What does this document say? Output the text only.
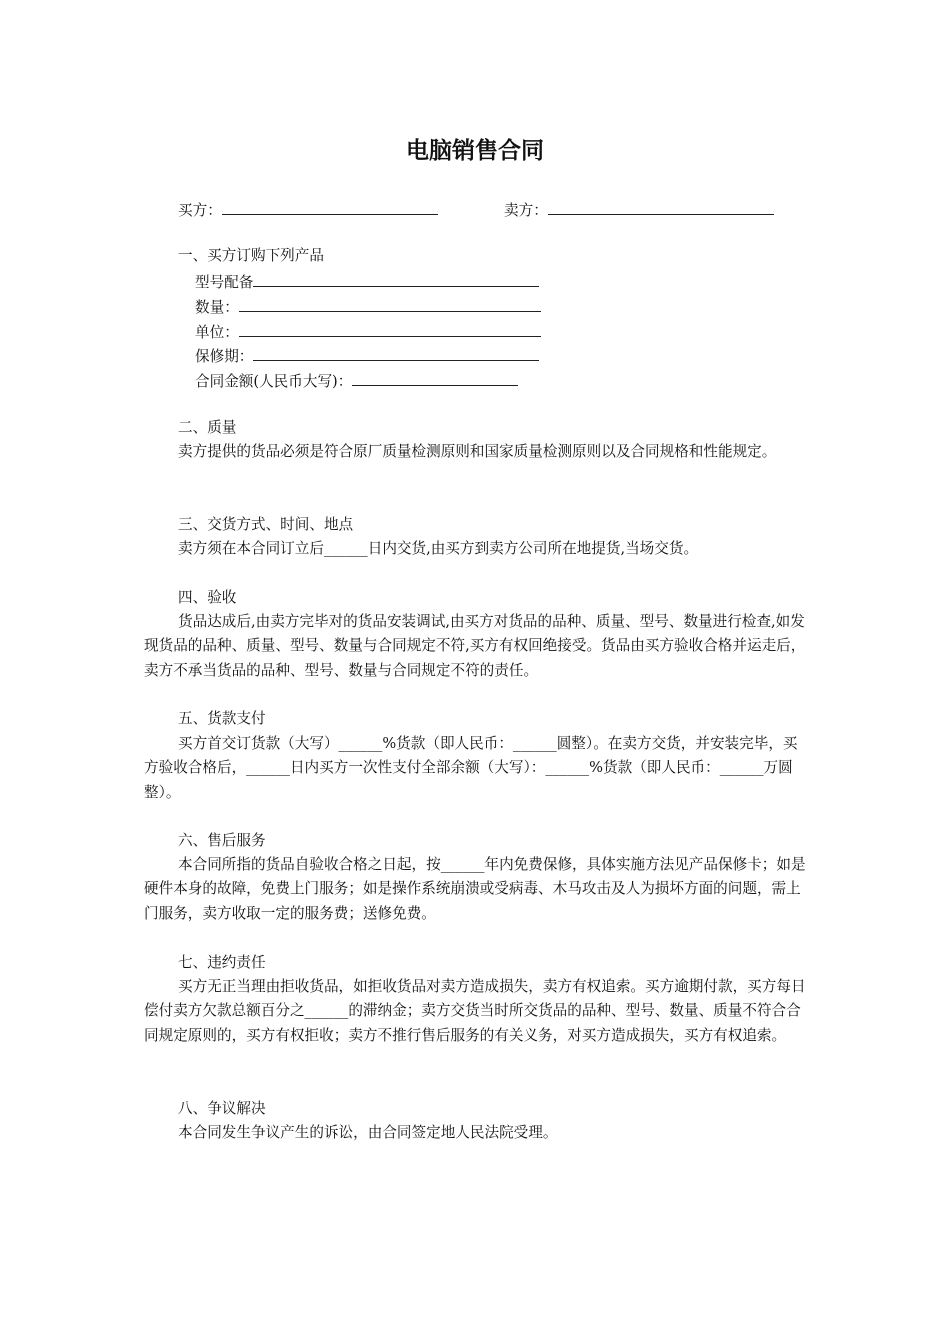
电脑销售合同
买方：	卖方：
一、买方订购下列产品
型号配备
数量：
单位：
保修期：
合同金额(人民币大写)：
二、质量
卖方提供的货品必须是符合原厂质量检测原则和国家质量检测原则以及合同规格和性能规定。
三、交货方式、时间、地点
卖方须在本合同订立后______日内交货,由买方到卖方公司所在地提货,当场交货。
四、验收
货品达成后,由卖方完毕对的货品安装调试,由买方对货品的品种、质量、型号、数量进行检查,如发现货品的品种、质量、型号、数量与合同规定不符,买方有权回绝接受。货品由买方验收合格并运走后，卖方不承当货品的品种、型号、数量与合同规定不符的责任。
五、货款支付
买方首交订货款（大写）______%货款（即人民币：______圆整）。在卖方交货，并安装完毕，买方验收合格后，______日内买方一次性支付全部余额（大写）：______%货款（即人民币：______万圆整）。
六、售后服务
本合同所指的货品自验收合格之日起，按______年内免费保修，具体实施方法见产品保修卡；如是硬件本身的故障，免费上门服务；如是操作系统崩溃或受病毒、木马攻击及人为损坏方面的问题，需上门服务，卖方收取一定的服务费；送修免费。
七、违约责任
买方无正当理由拒收货品，如拒收货品对卖方造成损失，卖方有权追索。买方逾期付款，买方每日偿付卖方欠款总额百分之______的滞纳金；卖方交货当时所交货品的品种、型号、数量、质量不符合合同规定原则的，买方有权拒收；卖方不推行售后服务的有关义务，对买方造成损失，买方有权追索。
八、争议解决
本合同发生争议产生的诉讼，由合同签定地人民法院受理。
